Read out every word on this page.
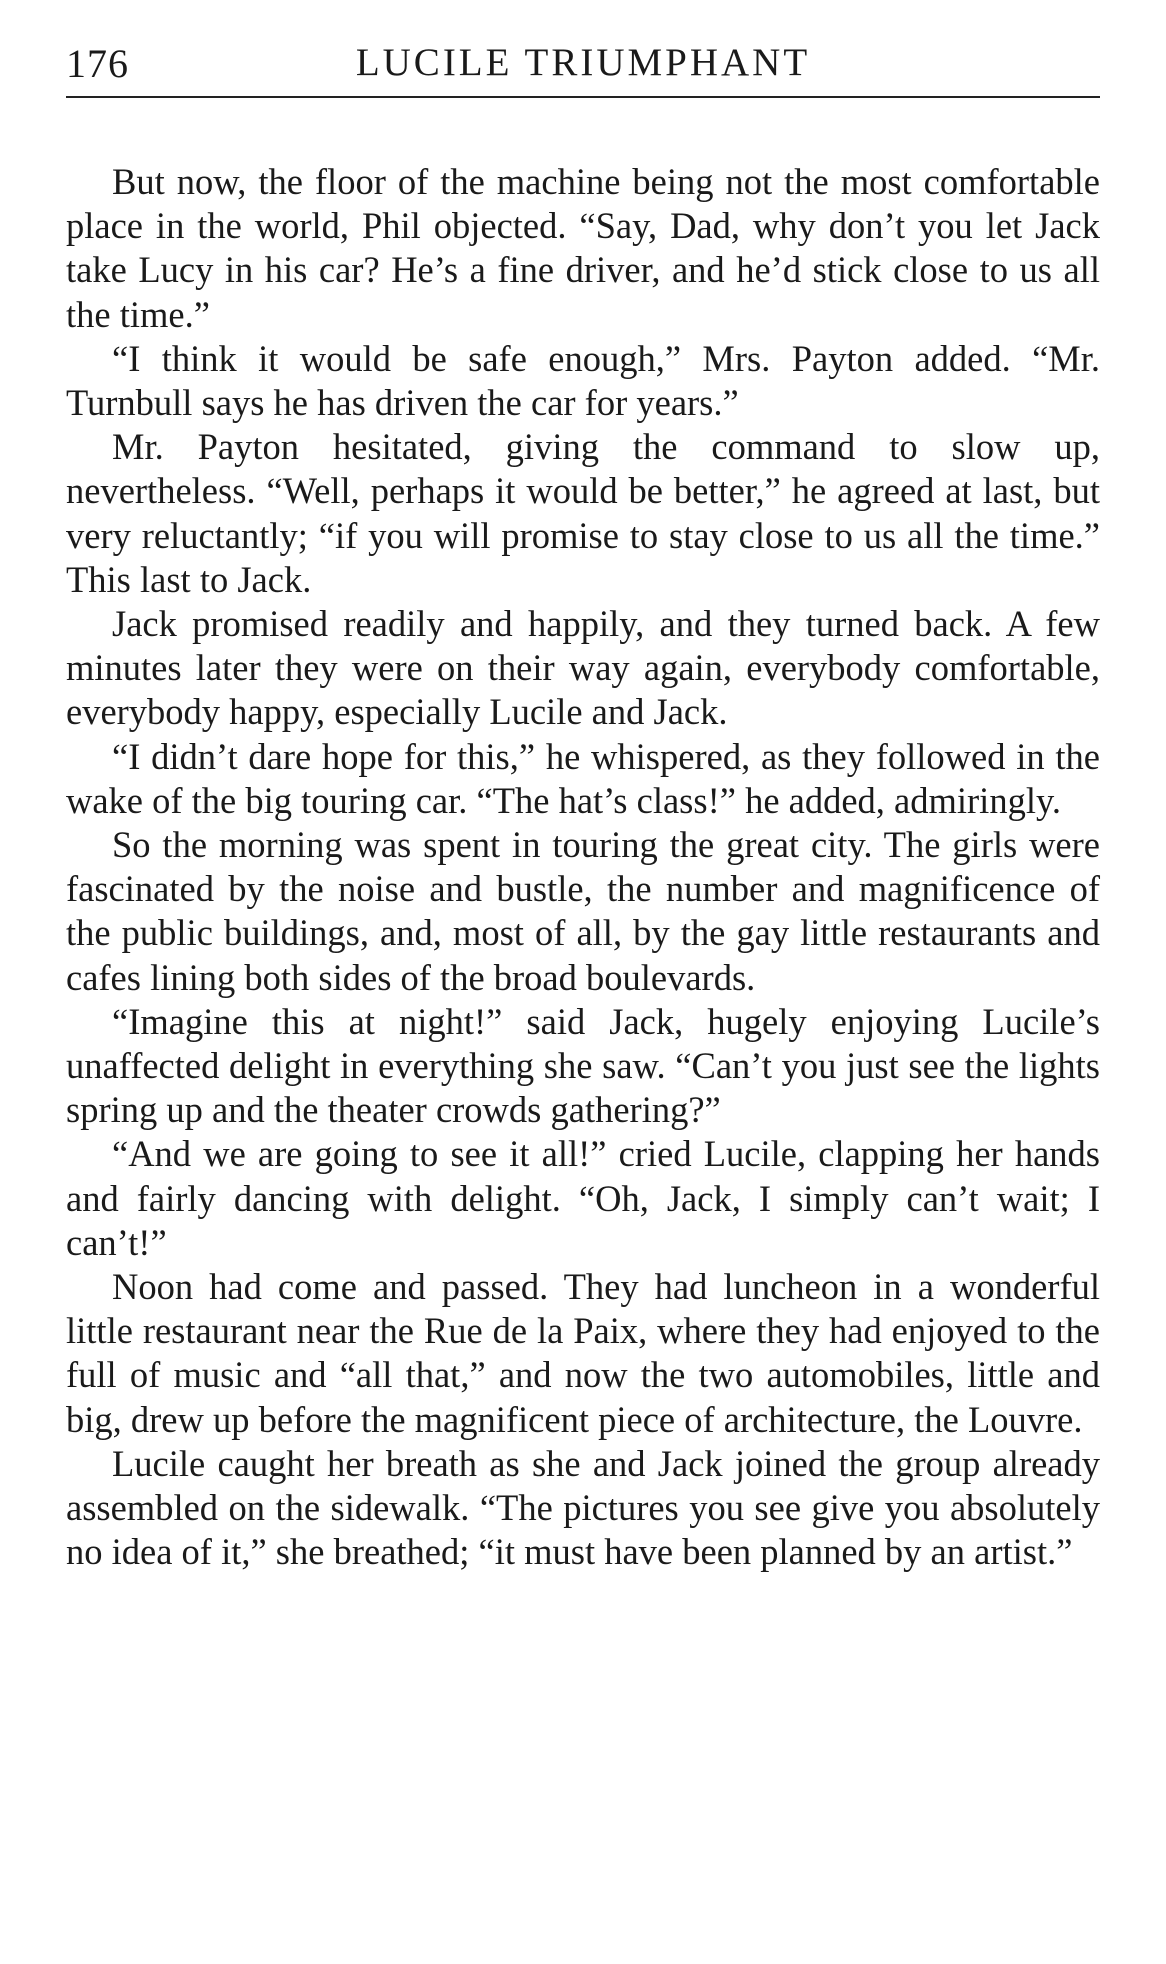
176	LUCILE TRIUMPHANT

But now, the floor of the machine being not the most comfortable place in the world, Phil objected. “Say, Dad, why don’t you let Jack take Lucy in his car? He’s a fine driver, and he’d stick close to us all the time.”

“I think it would be safe enough,” Mrs. Payton added. “Mr. Turnbull says he has driven the car for years.”

Mr. Payton hesitated, giving the command to slow up, nevertheless. “Well, perhaps it would be better,” he agreed at last, but very reluctantly; “if you will promise to stay close to us all the time.” This last to Jack.

Jack promised readily and happily, and they turned back. A few minutes later they were on their way again, everybody comfortable, everybody happy, especially Lucile and Jack.

“I didn’t dare hope for this,” he whispered, as they followed in the wake of the big touring car. “The hat’s class!” he added, admiringly.

So the morning was spent in touring the great city. The girls were fascinated by the noise and bustle, the number and magnificence of the public buildings, and, most of all, by the gay little restaurants and cafes lining both sides of the broad boulevards.

“Imagine this at night!” said Jack, hugely enjoying Lucile’s unaffected delight in everything she saw. “Can’t you just see the lights spring up and the theater crowds gathering?”

“And we are going to see it all!” cried Lucile, clapping her hands and fairly dancing with delight. “Oh, Jack, I simply can’t wait; I can’t!”

Noon had come and passed. They had luncheon in a wonderful little restaurant near the Rue de la Paix, where they had enjoyed to the full of music and “all that,” and now the two automobiles, little and big, drew up before the magnificent piece of architecture, the Louvre.

Lucile caught her breath as she and Jack joined the group already assembled on the sidewalk. “The pictures you see give you absolutely no idea of it,” she breathed; “it must have been planned by an artist.”
